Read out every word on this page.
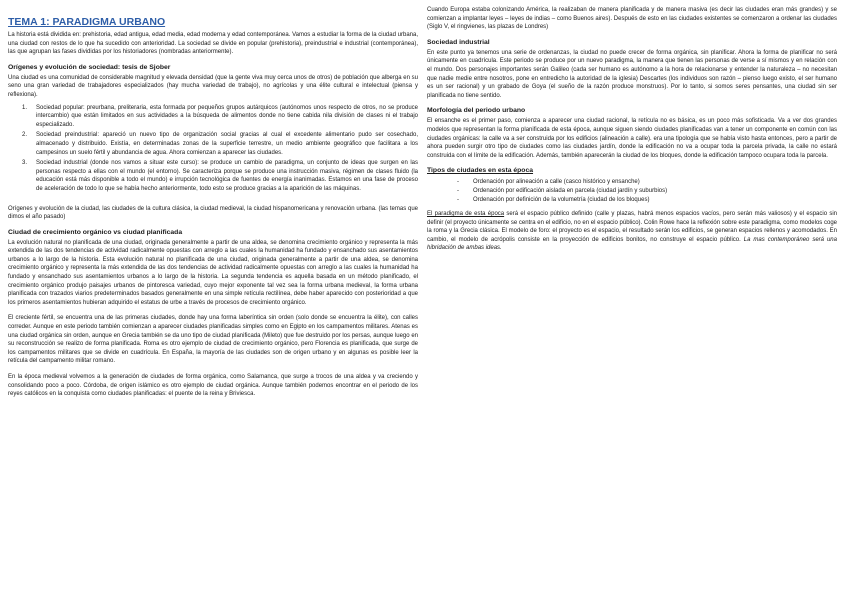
TEMA 1: PARADIGMA URBANO

La historia está dividida en: prehistoria, edad antigua, edad media, edad moderna y edad contemporánea. Vamos a estudiar la forma de la ciudad urbana, una ciudad con restos de lo que ha sucedido con anterioridad. La sociedad se divide en popular (prehistoria), preindustrial e industrial (contemporánea), las que agrupan las fases divididas por los historiadores (nombradas anteriormente).

Orígenes y evolución de sociedad: tesis de Sjober

Una ciudad es una comunidad de considerable magnitud y elevada densidad (que la gente viva muy cerca unos de otros) de población que alberga en su seno una gran variedad de trabajadores especializados (hay mucha variedad de trabajo), no agrícolas y una élite cultural e intelectual (piensa y reflexiona).

1. Sociedad popular: preurbana, preliteraria, esta formada por pequeños grupos autárquicos (autónomos unos respecto de otros, no se produce intercambio) que están limitados en sus actividades a la búsqueda de alimentos donde no tiene cabida nila división de clases ni el trabajo especializado.
2. Sociedad preindustrial: apareció un nuevo tipo de organización social gracias al cual el excedente alimentario pudo ser cosechado, almacenado y distribuido. Existía, en determinadas zonas de la superficie terrestre, un medio ambiente geográfico que facilitara a los campesinos un suelo fértil y abundancia de agua. Ahora comienzan a aparecer las ciudades.
3. Sociedad industrial (donde nos vamos a situar este curso): se produce un cambio de paradigma, un conjunto de ideas que surgen en las personas respecto a ellas con el mundo (el entorno). Se caracteriza porque se produce una instrucción masiva, régimen de clases fluido (la educación está más disponible a todo el mundo) e irrupción tecnológica de fuentes de energía inanimadas. Estamos en una fase de proceso de aceleración de todo lo que se había hecho anteriormente, todo esto se produce gracias a la aparición de las máquinas.

Orígenes y evolución de la ciudad, las ciudades de la cultura clásica, la ciudad medieval, la ciudad hispanomericana y renovación urbana. (las temas que dimos el año pasado)

Ciudad de crecimiento orgánico vs ciudad planificada

La evolución natural no planificada de una ciudad, originada generalmente a partir de una aldea, se denomina crecimiento orgánico y representa la más extendida de las dos tendencias de actividad radicalmente opuestas con arreglo a las cuales la humanidad ha fundado y ensanchado sus asentamientos urbanos a lo largo de la historia. Esta evolución natural no planificada de una ciudad, originada generalmente a partir de una aldea, se denomina crecimiento orgánico y representa la más extendida de las dos tendencias de actividad radicalmente opuestas con arreglo a las cuales la humanidad ha fundado y ensanchado sus asentamientos urbanos a lo largo de la historia. La segunda tendencia es aquella basada en un método planificado, el crecimiento orgánico produjo paisajes urbanos de pintoresca variedad, cuyo mejor exponente tal vez sea la forma urbana medieval, la forma urbana planificada con trazados viarios predeterminados basados generalmente en una simple retícula rectilínea, debe haber aparecido con posterioridad a que los primeros asentamientos hubieran adquirido el estatus de urbe a través de procesos de crecimiento orgánico.

El creciente fértil, se encuentra una de las primeras ciudades, donde hay una forma laberíntica sin orden (solo donde se encuentra la élite), con calles correder. Aunque en este periodo también comienzan a aparecer ciudades planificadas simples como en Egipto en los campamentos militares. Atenas es una ciudad orgánica sin orden, aunque en Grecia también se da uno tipo de ciudad planificada (Mileto) que fue destruido por los persas, aunque luego en su reconstrucción se realizo de forma planificada. Roma es otro ejemplo de ciudad de crecimiento orgánico, pero Florencia es planificada, que surge de los campamentos militares que se divide en cuadrícula. En España, la mayoría de las ciudades son de origen urbano y en algunas es posible leer la retícula del campamento militar romano.

En la época medieval volvemos a la generación de ciudades de forma orgánica, como Salamanca, que surge a trocos de una aldea y va creciendo y consolidando poco a poco. Córdoba, de origen islámico es otro ejemplo de ciudad orgánica. Aunque también podemos encontrar en el periodo de los reyes católicos en la conquista como ciudades planificadas: el puente de la reina y Briviesca.

Cuando Europa estaba colonizando América, la realizaban de manera planificada y de manera masiva (es decir las ciudades eran más grandes) y se comienzan a implantar leyes – leyes de indias – como Buenos aires). Después de esto en las ciudades existentes se comenzaron a ordenar las ciudades (Siglo V, el ringvienes, las plazas de Londres)

Sociedad industrial

En este punto ya tenemos una serie de ordenanzas, la ciudad no puede crecer de forma orgánica, sin planificar. Ahora la forma de planificar no será únicamente en cuadrícula. Este periodo se produce por un nuevo paradigma, la manera que tienen las personas de verse a sí mismos y en relación con el mundo. Dos personajes importantes serán Galileo (cada ser humano es autónomo a la hora de relacionarse y entender la naturaleza – no necesitan que nadie medie entre nosotros, pone en entredicho la autoridad de la iglesia) Descartes (los individuos son razón – pienso luego existo, el ser humano es un ser racional) y un grabado de Goya (el sueño de la razón produce monstruos). Por lo tanto, si somos seres pensantes, una ciudad sin ser planificada no tiene sentido.

Morfología del periodo urbano

El ensanche es el primer paso, comienza a aparecer una ciudad racional, la retícula no es básica, es un poco más sofisticada. Va a ver dos grandes modelos que representan la forma planificada de esta época, aunque siguen siendo ciudades planificadas van a tener un componente en común con las ciudades orgánicas: la calle va a ser construida por los edificios (alineación a calle). era una tipología que se había visto hasta entonces, pero a partir de ahora pueden surgir otro tipo de ciudades como las ciudades jardín, donde la edificación no va a ocupar toda la parcela privada, la calle no estará construida con el límite de la edificación. Además, también aparecerán la ciudad de los bloques, donde la edificación tampoco ocupara toda la parcela.

Tipos de ciudades en esta época
- Ordenación por alineación a calle (casco histórico y ensanche)
- Ordenación por edificación aislada en parcela (ciudad jardín y suburbios)
- Ordenación por definición de la volumetría (ciudad de los bloques)

El paradigma de esta época será el espacio público definido (calle y plazas, habrá menos espacios vacíos, pero serán más valiosos) y el espacio sin definir (el proyecto únicamente se centra en el edificio, no en el espacio público). Colin Rowe hace la reflexión sobre este paradigma, como modelos coge la roma y la Grecia clásica. El modelo de foro: el proyecto es el espacio, el resultado serán los edificios, se generan espacios rellenos y acomodados. En cambio, el modelo de acrópolis consiste en la proyección de edificios bonitos, no construye el espacio público. La mas contemporáneo será una hibridación de ambas ideas.
